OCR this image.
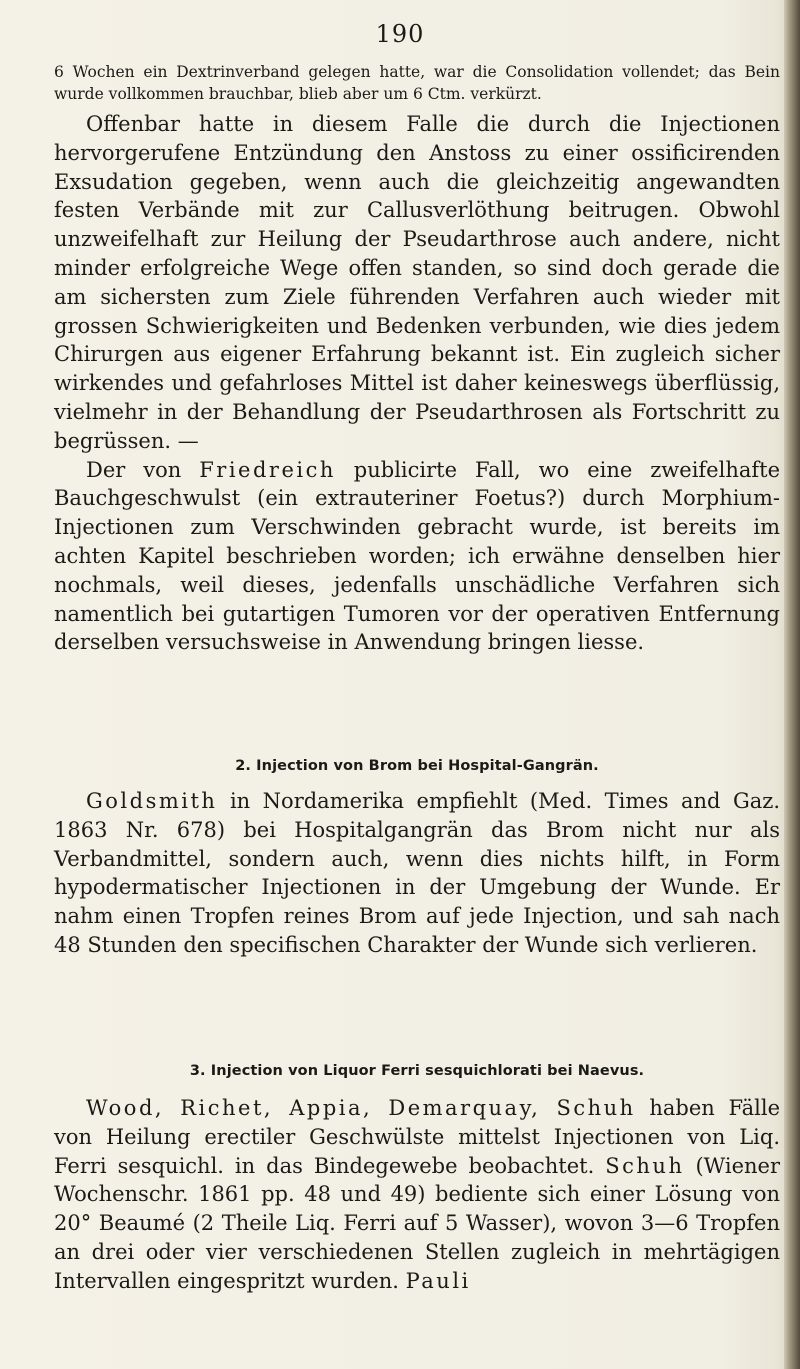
190

6 Wochen ein Dextrinverband gelegen hatte, war die Consolidation vollendet; das Bein wurde vollkommen brauchbar, blieb aber um 6 Ctm. verkürzt.

Offenbar hatte in diesem Falle die durch die Injectionen hervorgerufene Entzündung den Anstoss zu einer ossificirenden Exsudation gegeben, wenn auch die gleichzeitig angewandten festen Verbände mit zur Callusverlöthung beitrugen. Obwohl unzweifelhaft zur Heilung der Pseudarthrose auch andere, nicht minder erfolgreiche Wege offen standen, so sind doch gerade die am sichersten zum Ziele führenden Verfahren auch wieder mit grossen Schwierigkeiten und Bedenken verbunden, wie dies jedem Chirurgen aus eigener Erfahrung bekannt ist. Ein zugleich sicher wirkendes und gefahrloses Mittel ist daher keineswegs überflüssig, vielmehr in der Behandlung der Pseudarthrosen als Fortschritt zu begrüssen. —

Der von Friedreich publicirte Fall, wo eine zweifelhafte Bauchgeschwulst (ein extrauteriner Foetus?) durch Morphium-Injectionen zum Verschwinden gebracht wurde, ist bereits im achten Kapitel beschrieben worden; ich erwähne denselben hier nochmals, weil dieses, jedenfalls unschädliche Verfahren sich namentlich bei gutartigen Tumoren vor der operativen Entfernung derselben versuchsweise in Anwendung bringen liesse.

2. Injection von Brom bei Hospital-Gangrän.

Goldsmith in Nordamerika empfiehlt (Med. Times and Gaz. 1863 Nr. 678) bei Hospitalgangrän das Brom nicht nur als Verbandmittel, sondern auch, wenn dies nichts hilft, in Form hypodermatischer Injectionen in der Umgebung der Wunde. Er nahm einen Tropfen reines Brom auf jede Injection, und sah nach 48 Stunden den specifischen Charakter der Wunde sich verlieren.

3. Injection von Liquor Ferri sesquichlorati bei Naevus.

Wood, Richet, Appia, Demarquay, Schuh haben Fälle von Heilung erectiler Geschwülste mittelst Injectionen von Liq. Ferri sesquichl. in das Bindegewebe beobachtet. Schuh (Wiener Wochenschr. 1861 pp. 48 und 49) bediente sich einer Lösung von 20° Beaumé (2 Theile Liq. Ferri auf 5 Wasser), wovon 3—6 Tropfen an drei oder vier verschiedenen Stellen zugleich in mehrtägigen Intervallen eingespritzt wurden. Pauli
